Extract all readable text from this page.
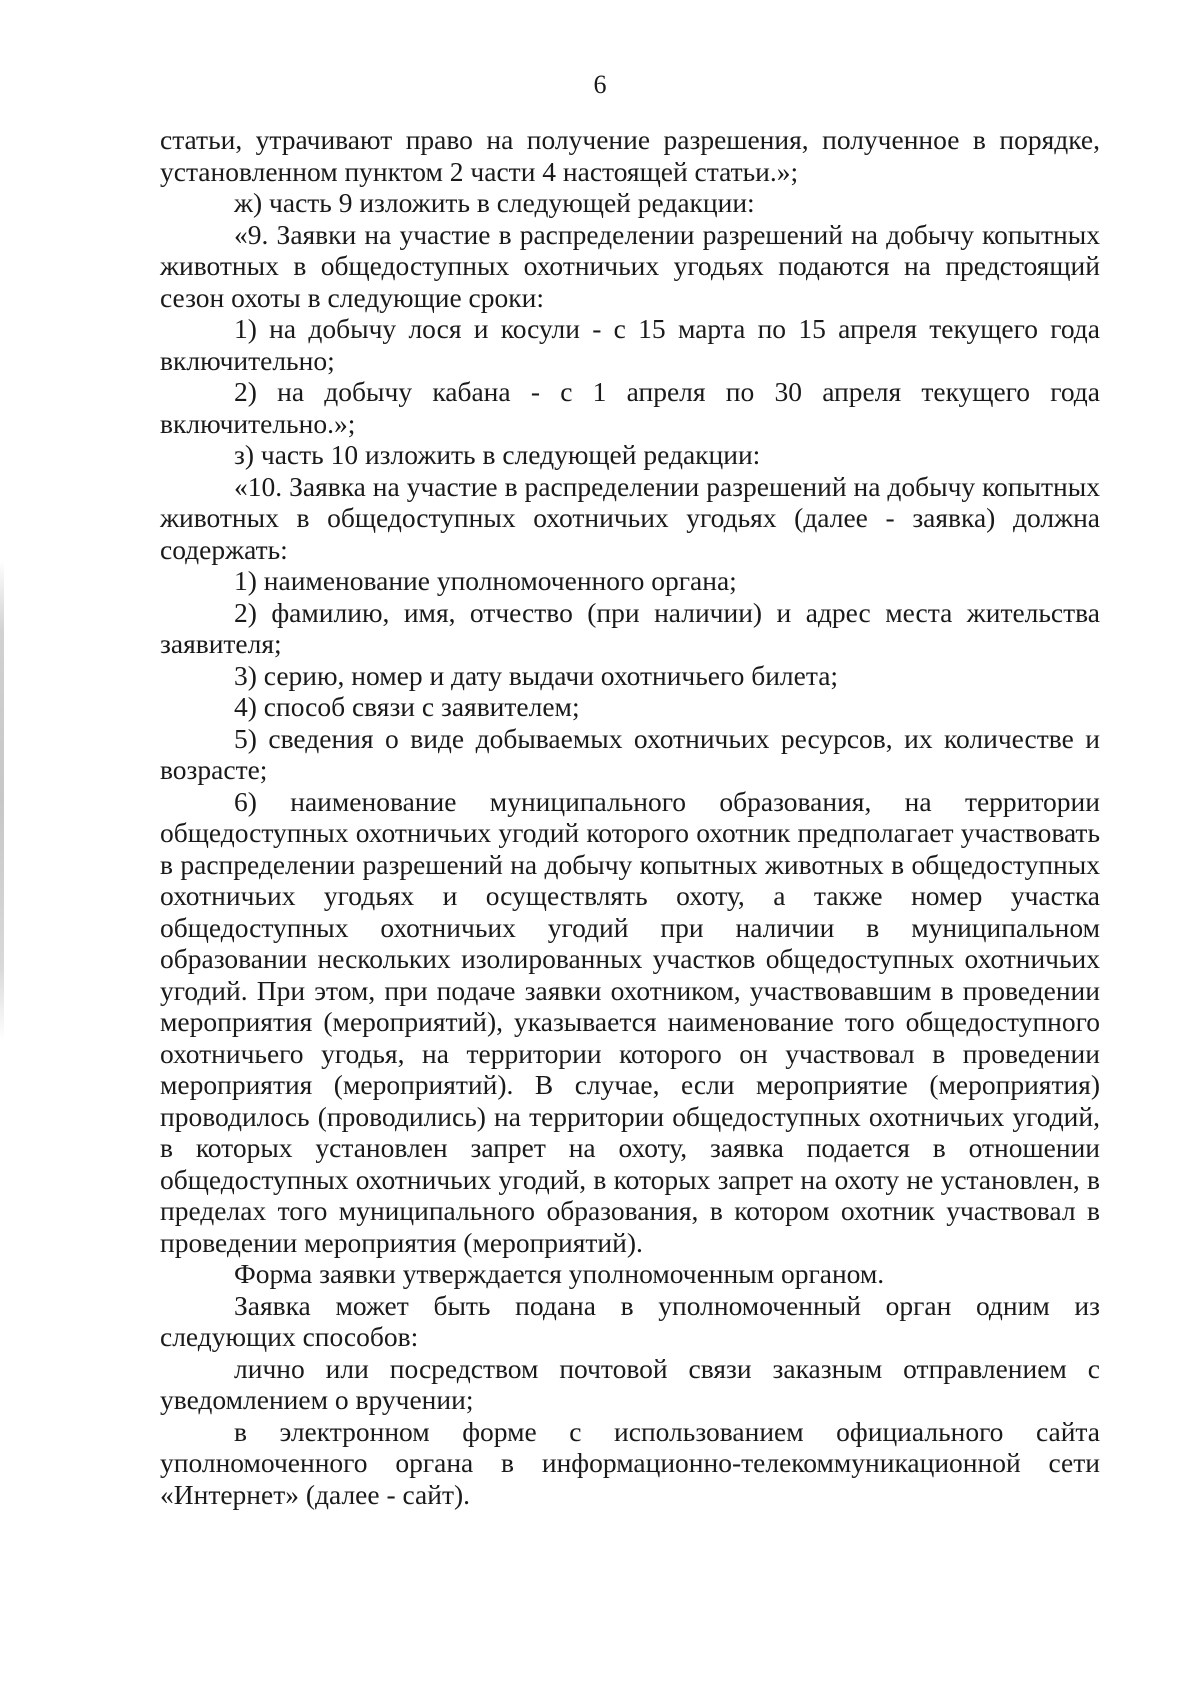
6

статьи, утрачивают право на получение разрешения, полученное в порядке, установленном пунктом 2 части 4 настоящей статьи.»;

ж) часть 9 изложить в следующей редакции:

«9. Заявки на участие в распределении разрешений на добычу копытных животных в общедоступных охотничьих угодьях подаются на предстоящий сезон охоты в следующие сроки:

1) на добычу лося и косули - с 15 марта по 15 апреля текущего года включительно;

2) на добычу кабана - с 1 апреля по 30 апреля текущего года включительно.»;

з) часть 10 изложить в следующей редакции:

«10. Заявка на участие в распределении разрешений на добычу копытных животных в общедоступных охотничьих угодьях (далее - заявка) должна содержать:

1) наименование уполномоченного органа;

2) фамилию, имя, отчество (при наличии) и адрес места жительства заявителя;

3) серию, номер и дату выдачи охотничьего билета;

4) способ связи с заявителем;

5) сведения о виде добываемых охотничьих ресурсов, их количестве и возрасте;

6) наименование муниципального образования, на территории общедоступных охотничьих угодий которого охотник предполагает участвовать в распределении разрешений на добычу копытных животных в общедоступных охотничьих угодьях и осуществлять охоту, а также номер участка общедоступных охотничьих угодий при наличии в муниципальном образовании нескольких изолированных участков общедоступных охотничьих угодий. При этом, при подаче заявки охотником, участвовавшим в проведении мероприятия (мероприятий), указывается наименование того общедоступного охотничьего угодья, на территории которого он участвовал в проведении мероприятия (мероприятий). В случае, если мероприятие (мероприятия) проводилось (проводились) на территории общедоступных охотничьих угодий, в которых установлен запрет на охоту, заявка подается в отношении общедоступных охотничьих угодий, в которых запрет на охоту не установлен, в пределах того муниципального образования, в котором охотник участвовал в проведении мероприятия (мероприятий).

Форма заявки утверждается уполномоченным органом.

Заявка может быть подана в уполномоченный орган одним из следующих способов:

лично или посредством почтовой связи заказным отправлением с уведомлением о вручении;

в электронном форме с использованием официального сайта уполномоченного органа в информационно-телекоммуникационной сети «Интернет» (далее - сайт).
